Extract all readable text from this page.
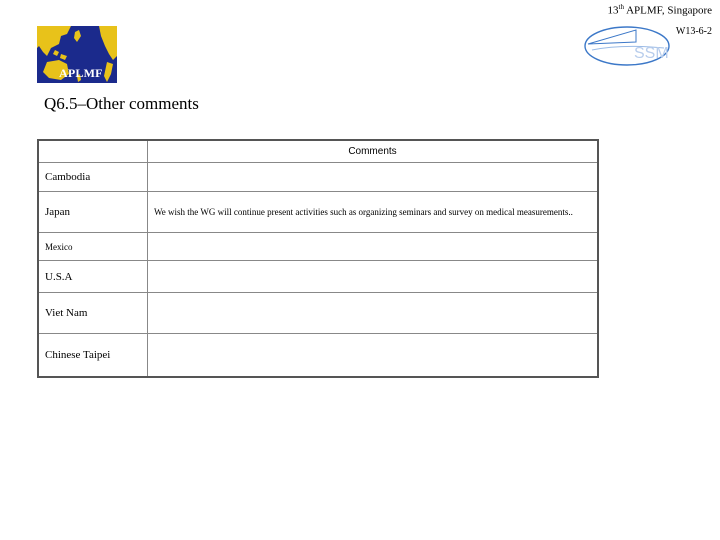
13th APLMF, Singapore
W13-6-2
APLMF
SSM
Q6.5–Other comments
	Comments
Cambodia	
Japan	We wish the WG will continue present activities such as organizing seminars and survey on medical measurements..
Mexico	
U.S.A	
Viet Nam	
Chinese Taipei	
